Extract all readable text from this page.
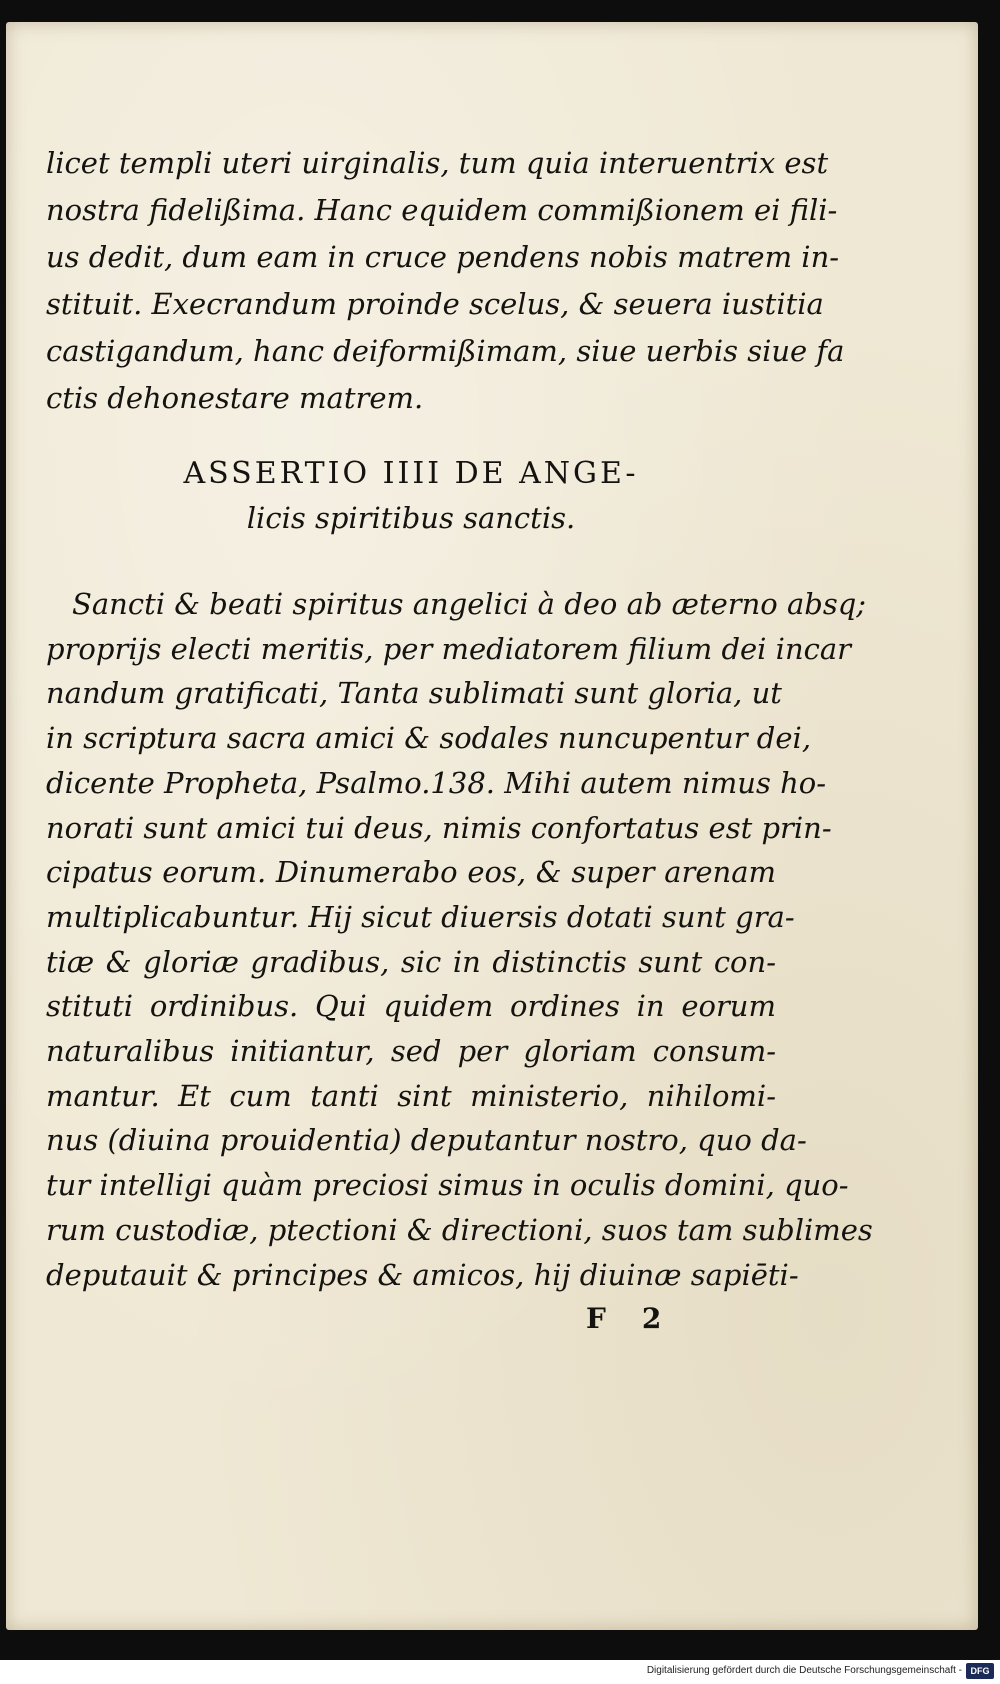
licet templi uteri uirginalis, tum quia interuentrix est
nostra fidelißima. Hanc equidem commißionem ei fili-
us dedit, dum eam in cruce pendens nobis matrem in-
stituit. Execrandum proinde scelus, & seuera iustitia
castigandum, hanc deiformißimam, siue uerbis siue fa
ctis dehonestare matrem.
ASSERTIO IIII DE ANGE-
licis spiritibus sanctis.
Sancti & beati spiritus angelici à deo ab æterno absq;
proprijs electi meritis, per mediatorem filium dei incar
nandum gratificati, Tanta sublimati sunt gloria, ut
in scriptura sacra amici & sodales nuncupentur dei,
dicente Propheta, Psalmo.138. Mihi autem nimus ho-
norati sunt amici tui deus, nimis confortatus est prin-
cipatus eorum. Dinumerabo eos, & super arenam
multiplicabuntur. Hij sicut diuersis dotati sunt gra-
tiæ & gloriæ gradibus, sic in distinctis sunt con-
stituti ordinibus. Qui quidem ordines in eorum
naturalibus initiantur, sed per gloriam consum-
mantur. Et cum tanti sint ministerio, nihilomi-
nus (diuina prouidentia) deputantur nostro, quo da-
tur intelligi quàm preciosi simus in oculis domini, quo-
rum custodiæ, ptectioni & directioni, suos tam sublimes
deputauit & principes & amicos, hij diuinæ sapiēti-
F 2
Digitalisierung gefördert durch die Deutsche Forschungsgemeinschaft - DFG
